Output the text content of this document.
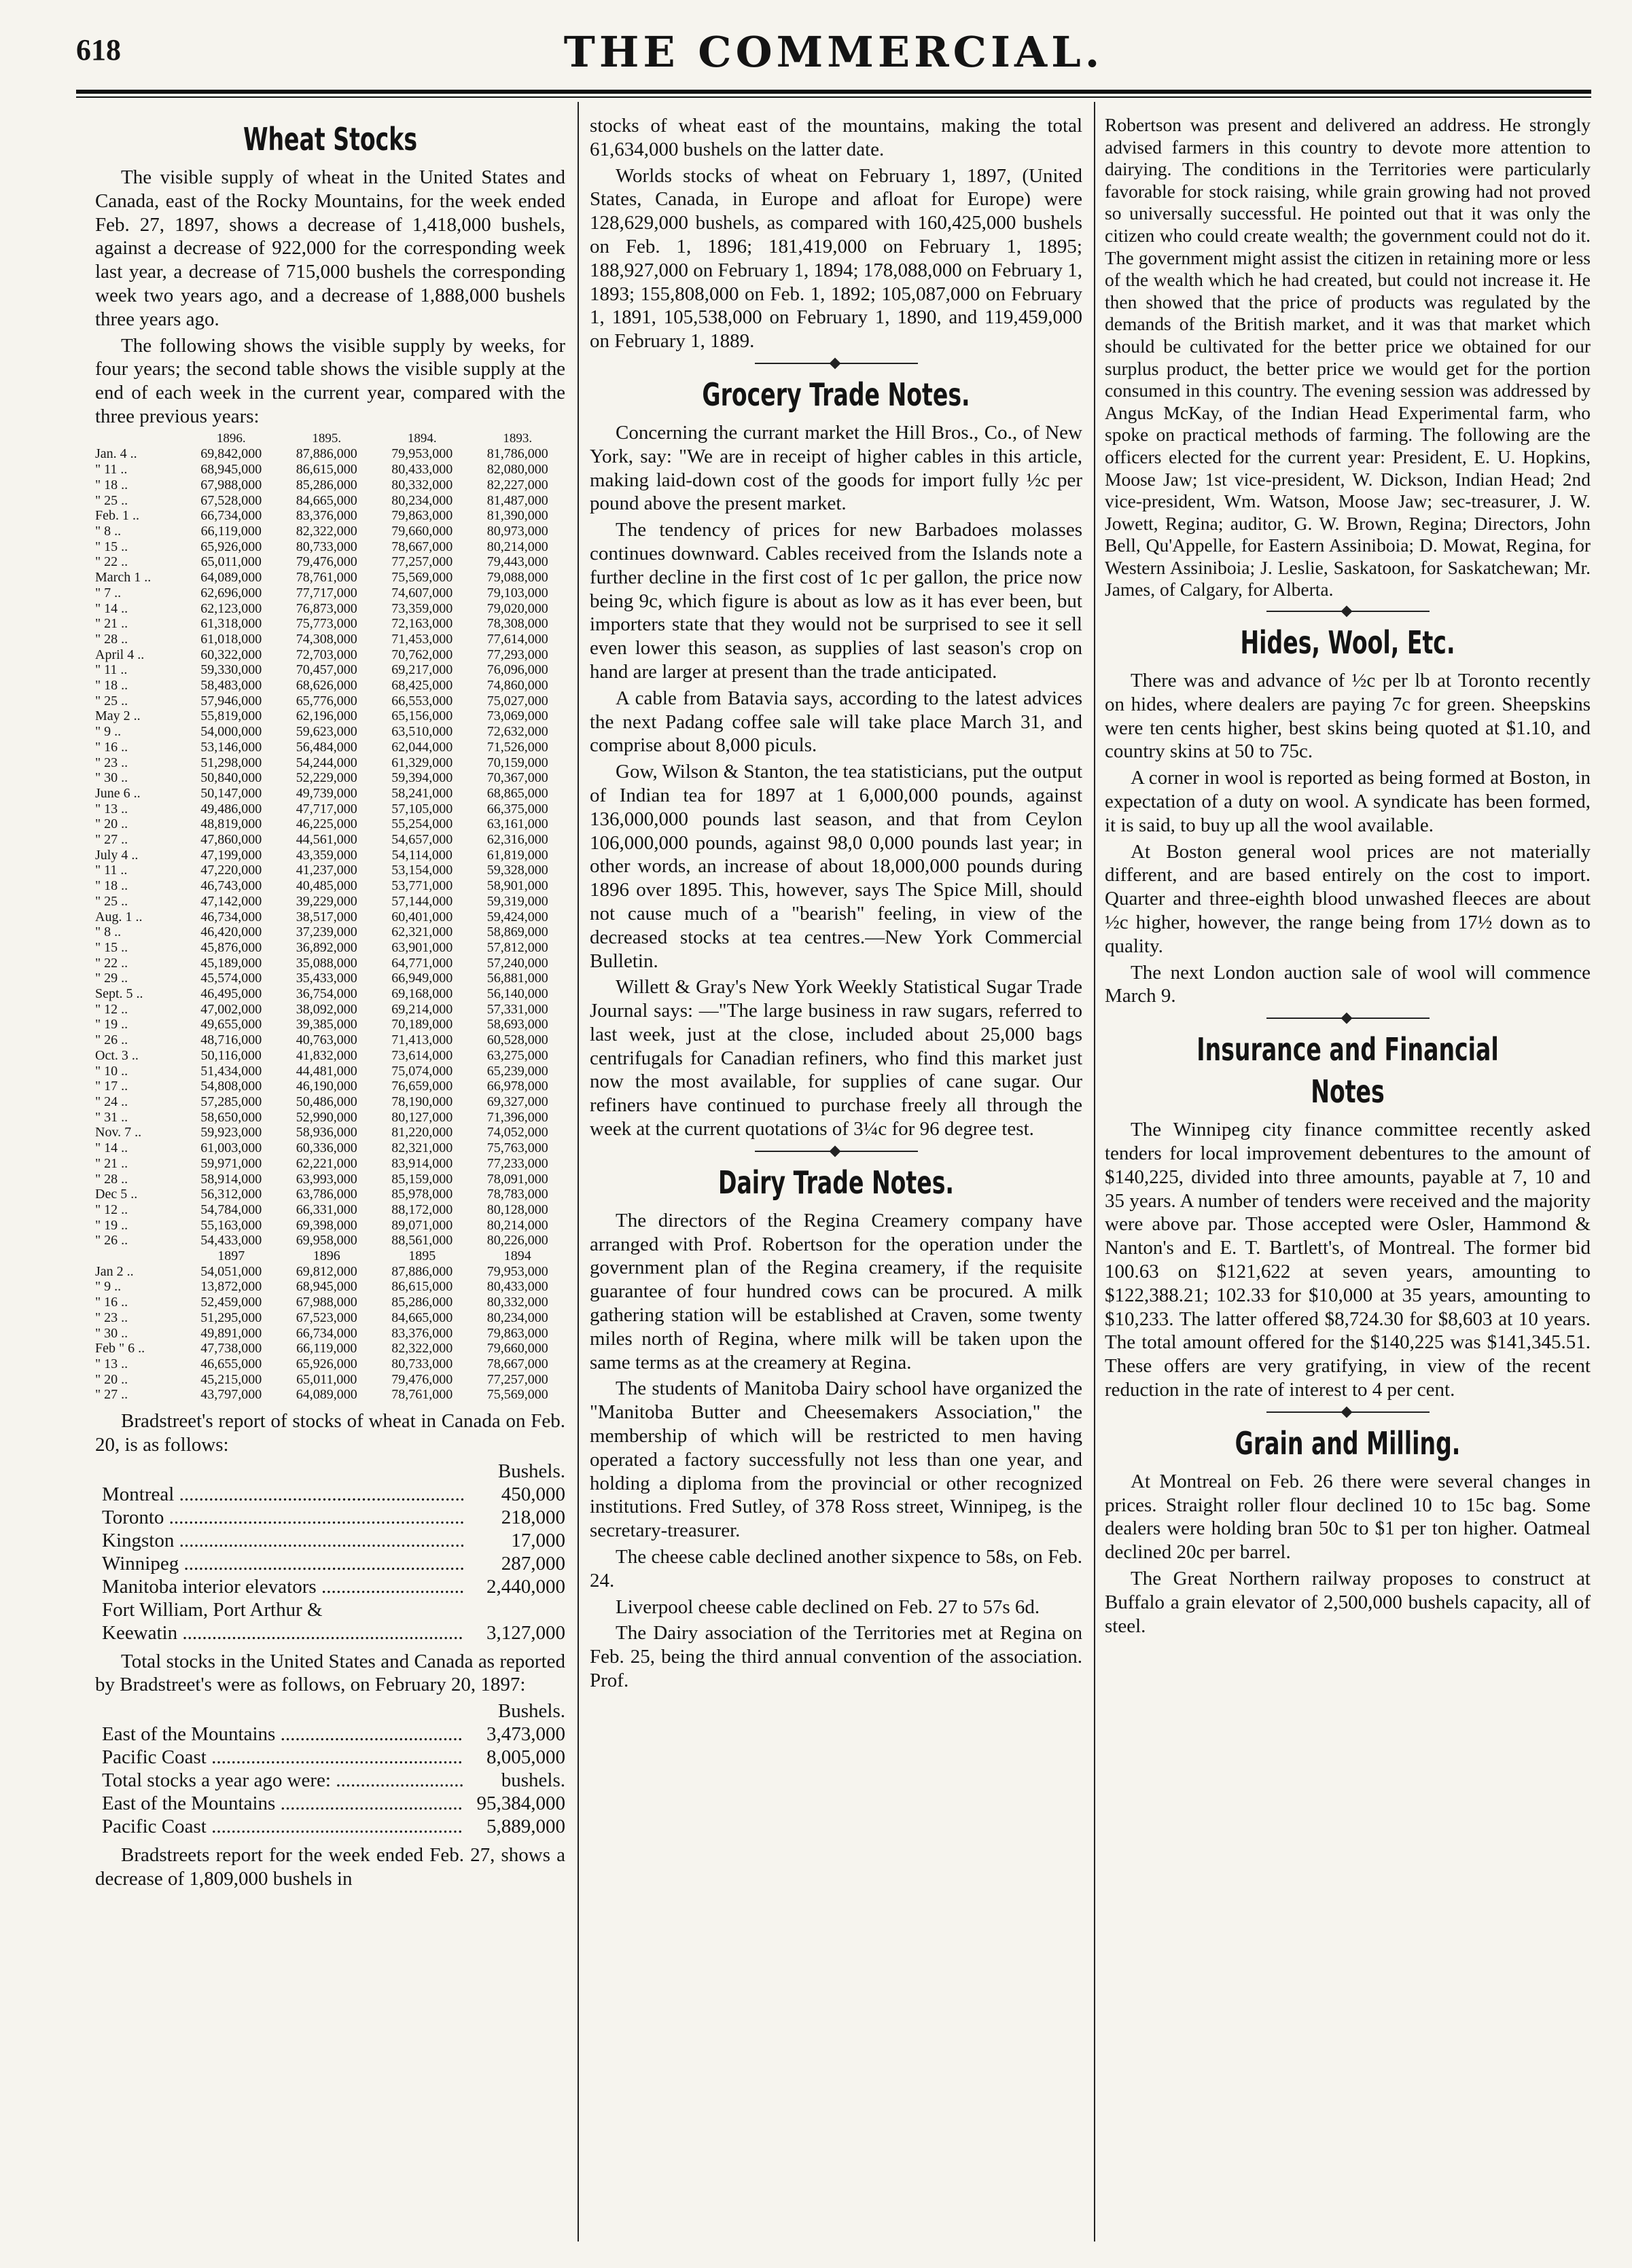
618	THE COMMERCIAL.
Wheat Stocks

The visible supply of wheat in the United States and Canada, east of the Rocky Mountains, for the week ended Feb. 27, 1897, shows a decrease of 1,418,000 bushels, against a decrease of 922,000 for the corresponding week last year, a decrease of 715,000 bushels the corresponding week two years ago, and a decrease of 1,888,000 bushels three years ago.

The following shows the visible supply by weeks, for four years; the second table shows the visible supply at the end of each week in the current year, compared with the three previous years:

	1896.	1895.	1894.	1893.
Jan. 4 ..	69,842,000	87,886,000	79,953,000	81,786,000
" 11 ..	68,945,000	86,615,000	80,433,000	82,080,000
" 18 ..	67,988,000	85,286,000	80,332,000	82,227,000
" 25 ..	67,528,000	84,665,000	80,234,000	81,487,000
Feb. 1 ..	66,734,000	83,376,000	79,863,000	81,390,000
" 8 ..	66,119,000	82,322,000	79,660,000	80,973,000
" 15 ..	65,926,000	80,733,000	78,667,000	80,214,000
" 22 ..	65,011,000	79,476,000	77,257,000	79,443,000
March 1 ..	64,089,000	78,761,000	75,569,000	79,088,000
" 7 ..	62,696,000	77,717,000	74,607,000	79,103,000
" 14 ..	62,123,000	76,873,000	73,359,000	79,020,000
" 21 ..	61,318,000	75,773,000	72,163,000	78,308,000
" 28 ..	61,018,000	74,308,000	71,453,000	77,614,000
April 4 ..	60,322,000	72,703,000	70,762,000	77,293,000
" 11 ..	59,330,000	70,457,000	69,217,000	76,096,000
" 18 ..	58,483,000	68,626,000	68,425,000	74,860,000
" 25 ..	57,946,000	65,776,000	66,553,000	75,027,000
May 2 ..	55,819,000	62,196,000	65,156,000	73,069,000
" 9 ..	54,000,000	59,623,000	63,510,000	72,632,000
" 16 ..	53,146,000	56,484,000	62,044,000	71,526,000
" 23 ..	51,298,000	54,244,000	61,329,000	70,159,000
" 30 ..	50,840,000	52,229,000	59,394,000	70,367,000
June 6 ..	50,147,000	49,739,000	58,241,000	68,865,000
" 13 ..	49,486,000	47,717,000	57,105,000	66,375,000
" 20 ..	48,819,000	46,225,000	55,254,000	63,161,000
" 27 ..	47,860,000	44,561,000	54,657,000	62,316,000
July 4 ..	47,199,000	43,359,000	54,114,000	61,819,000
" 11 ..	47,220,000	41,237,000	53,154,000	59,328,000
" 18 ..	46,743,000	40,485,000	53,771,000	58,901,000
" 25 ..	47,142,000	39,229,000	57,144,000	59,319,000
Aug. 1 ..	46,734,000	38,517,000	60,401,000	59,424,000
" 8 ..	46,420,000	37,239,000	62,321,000	58,869,000
" 15 ..	45,876,000	36,892,000	63,901,000	57,812,000
" 22 ..	45,189,000	35,088,000	64,771,000	57,240,000
" 29 ..	45,574,000	35,433,000	66,949,000	56,881,000
Sept. 5 ..	46,495,000	36,754,000	69,168,000	56,140,000
" 12 ..	47,002,000	38,092,000	69,214,000	57,331,000
" 19 ..	49,655,000	39,385,000	70,189,000	58,693,000
" 26 ..	48,716,000	40,763,000	71,413,000	60,528,000
Oct. 3 ..	50,116,000	41,832,000	73,614,000	63,275,000
" 10 ..	51,434,000	44,481,000	75,074,000	65,239,000
" 17 ..	54,808,000	46,190,000	76,659,000	66,978,000
" 24 ..	57,285,000	50,486,000	78,190,000	69,327,000
" 31 ..	58,650,000	52,990,000	80,127,000	71,396,000
Nov. 7 ..	59,923,000	58,936,000	81,220,000	74,052,000
" 14 ..	61,003,000	60,336,000	82,321,000	75,763,000
" 21 ..	59,971,000	62,221,000	83,914,000	77,233,000
" 28 ..	58,914,000	63,993,000	85,159,000	78,091,000
Dec 5 ..	56,312,000	63,786,000	85,978,000	78,783,000
" 12 ..	54,784,000	66,331,000	88,172,000	80,128,000
" 19 ..	55,163,000	69,398,000	89,071,000	80,214,000
" 26 ..	54,433,000	69,958,000	88,561,000	80,226,000
	1897	1896	1895	1894
Jan 2 ..	54,051,000	69,812,000	87,886,000	79,953,000
" 9 ..	13,872,000	68,945,000	86,615,000	80,433,000
" 16 ..	52,459,000	67,988,000	85,286,000	80,332,000
" 23 ..	51,295,000	67,523,000	84,665,000	80,234,000
" 30 ..	49,891,000	66,734,000	83,376,000	79,863,000
Feb " 6 ..	47,738,000	66,119,000	82,322,000	79,660,000
" 13 ..	46,655,000	65,926,000	80,733,000	78,667,000
" 20 ..	45,215,000	65,011,000	79,476,000	77,257,000
" 27 ..	43,797,000	64,089,000	78,761,000	75,569,000

Bradstreet's report of stocks of wheat in Canada on Feb. 20, is as follows:

Bushels.
Montreal .....	450,000
Toronto .....	218,000
Kingston .....	17,000
Winnipeg .....	287,000
Manitoba interior elevators .....	2,440,000
Fort William, Port Arthur &
Keewatin .....	3,127,000

Total stocks in the United States and Canada as reported by Bradstreet's were as follows, on February 20, 1897:

Bushels.
East of the Mountains .....	3,473,000
Pacific Coast .....	8,005,000
Total stocks a year ago were: .....	bushels.
East of the Mountains .....	95,384,000
Pacific Coast .....	5,889,000

Bradstreets report for the week ended Feb. 27, shows a decrease of 1,809,000 bushels in

stocks of wheat east of the mountains, making the total 61,634,000 bushels on the latter date.

Worlds stocks of wheat on February 1, 1897, (United States, Canada, in Europe and afloat for Europe) were 128,629,000 bushels, as compared with 160,425,000 bushels on Feb. 1, 1896; 181,419,000 on February 1, 1895; 188,927,000 on February 1, 1894; 178,088,000 on February 1, 1893; 155,808,000 on Feb. 1, 1892; 105,087,000 on February 1, 1891, 105,538,000 on February 1, 1890, and 119,459,000 on February 1, 1889.

Grocery Trade Notes.

Concerning the currant market the Hill Bros., Co., of New York, say: "We are in receipt of higher cables in this article, making laid-down cost of the goods for import fully ½c per pound above the present market.

The tendency of prices for new Barbadoes molasses continues downward. Cables received from the Islands note a further decline in the first cost of 1c per gallon, the price now being 9c, which figure is about as low as it has ever been, but importers state that they would not be surprised to see it sell even lower this season, as supplies of last season's crop on hand are larger at present than the trade anticipated.

A cable from Batavia says, according to the latest advices the next Padang coffee sale will take place March 31, and comprise about 8,000 piculs.

Gow, Wilson & Stanton, the tea statisticians, put the output of Indian tea for 1897 at 1 6,000,000 pounds, against 136,000,000 pounds last season, and that from Ceylon 106,000,000 pounds, against 98,0 0,000 pounds last year; in other words, an increase of about 18,000,000 pounds during 1896 over 1895. This, however, says The Spice Mill, should not cause much of a "bearish" feeling, in view of the decreased stocks at tea centres.—New York Commercial Bulletin.

Willett & Gray's New York Weekly Statistical Sugar Trade Journal says: —"The large business in raw sugars, referred to last week, just at the close, included about 25,000 bags centrifugals for Canadian refiners, who find this market just now the most available, for supplies of cane sugar. Our refiners have continued to purchase freely all through the week at the current quotations of 3¼c for 96 degree test.

Dairy Trade Notes.

The directors of the Regina Creamery company have arranged with Prof. Robertson for the operation under the government plan of the Regina creamery, if the requisite guarantee of four hundred cows can be procured. A milk gathering station will be established at Craven, some twenty miles north of Regina, where milk will be taken upon the same terms as at the creamery at Regina.

The students of Manitoba Dairy school have organized the "Manitoba Butter and Cheesemakers Association," the membership of which will be restricted to men having operated a factory successfully not less than one year, and holding a diploma from the provincial or other recognized institutions. Fred Sutley, of 378 Ross street, Winnipeg, is the secretary-treasurer.

The cheese cable declined another sixpence to 58s, on Feb. 24.

Liverpool cheese cable declined on Feb. 27 to 57s 6d.

The Dairy association of the Territories met at Regina on Feb. 25, being the third annual convention of the association. Prof.

Robertson was present and delivered an address. He strongly advised farmers in this country to devote more attention to dairying. The conditions in the Territories were particularly favorable for stock raising, while grain growing had not proved so universally successful. He pointed out that it was only the citizen who could create wealth; the government could not do it. The government might assist the citizen in retaining more or less of the wealth which he had created, but could not increase it. He then showed that the price of products was regulated by the demands of the British market, and it was that market which should be cultivated for the better price we obtained for our surplus product, the better price we would get for the portion consumed in this country. The evening session was addressed by Angus McKay, of the Indian Head Experimental farm, who spoke on practical methods of farming. The following are the officers elected for the current year: President, E. U. Hopkins, Moose Jaw; 1st vice-president, W. Dickson, Indian Head; 2nd vice-president, Wm. Watson, Moose Jaw; sec-treasurer, J. W. Jowett, Regina; auditor, G. W. Brown, Regina; Directors, John Bell, Qu'Appelle, for Eastern Assiniboia; D. Mowat, Regina, for Western Assiniboia; J. Leslie, Saskatoon, for Saskatchewan; Mr. James, of Calgary, for Alberta.

Hides, Wool, Etc.

There was and advance of ½c per lb at Toronto recently on hides, where dealers are paying 7c for green. Sheepskins were ten cents higher, best skins being quoted at $1.10, and country skins at 50 to 75c.

A corner in wool is reported as being formed at Boston, in expectation of a duty on wool. A syndicate has been formed, it is said, to buy up all the wool available.

At Boston general wool prices are not materially different, and are based entirely on the cost to import. Quarter and three-eighth blood unwashed fleeces are about ½c higher, however, the range being from 17½ down as to quality.

The next London auction sale of wool will commence March 9.

Insurance and Financial Notes

The Winnipeg city finance committee recently asked tenders for local improvement debentures to the amount of $140,225, divided into three amounts, payable at 7, 10 and 35 years. A number of tenders were received and the majority were above par. Those accepted were Osler, Hammond & Nanton's and E. T. Bartlett's, of Montreal. The former bid 100.63 on $121,622 at seven years, amounting to $122,388.21; 102.33 for $10,000 at 35 years, amounting to $10,233. The latter offered $8,724.30 for $8,603 at 10 years. The total amount offered for the $140,225 was $141,345.51. These offers are very gratifying, in view of the recent reduction in the rate of interest to 4 per cent.

Grain and Milling.

At Montreal on Feb. 26 there were several changes in prices. Straight roller flour declined 10 to 15c bag. Some dealers were holding bran 50c to $1 per ton higher. Oatmeal declined 20c per barrel.

The Great Northern railway proposes to construct at Buffalo a grain elevator of 2,500,000 bushels capacity, all of steel.
